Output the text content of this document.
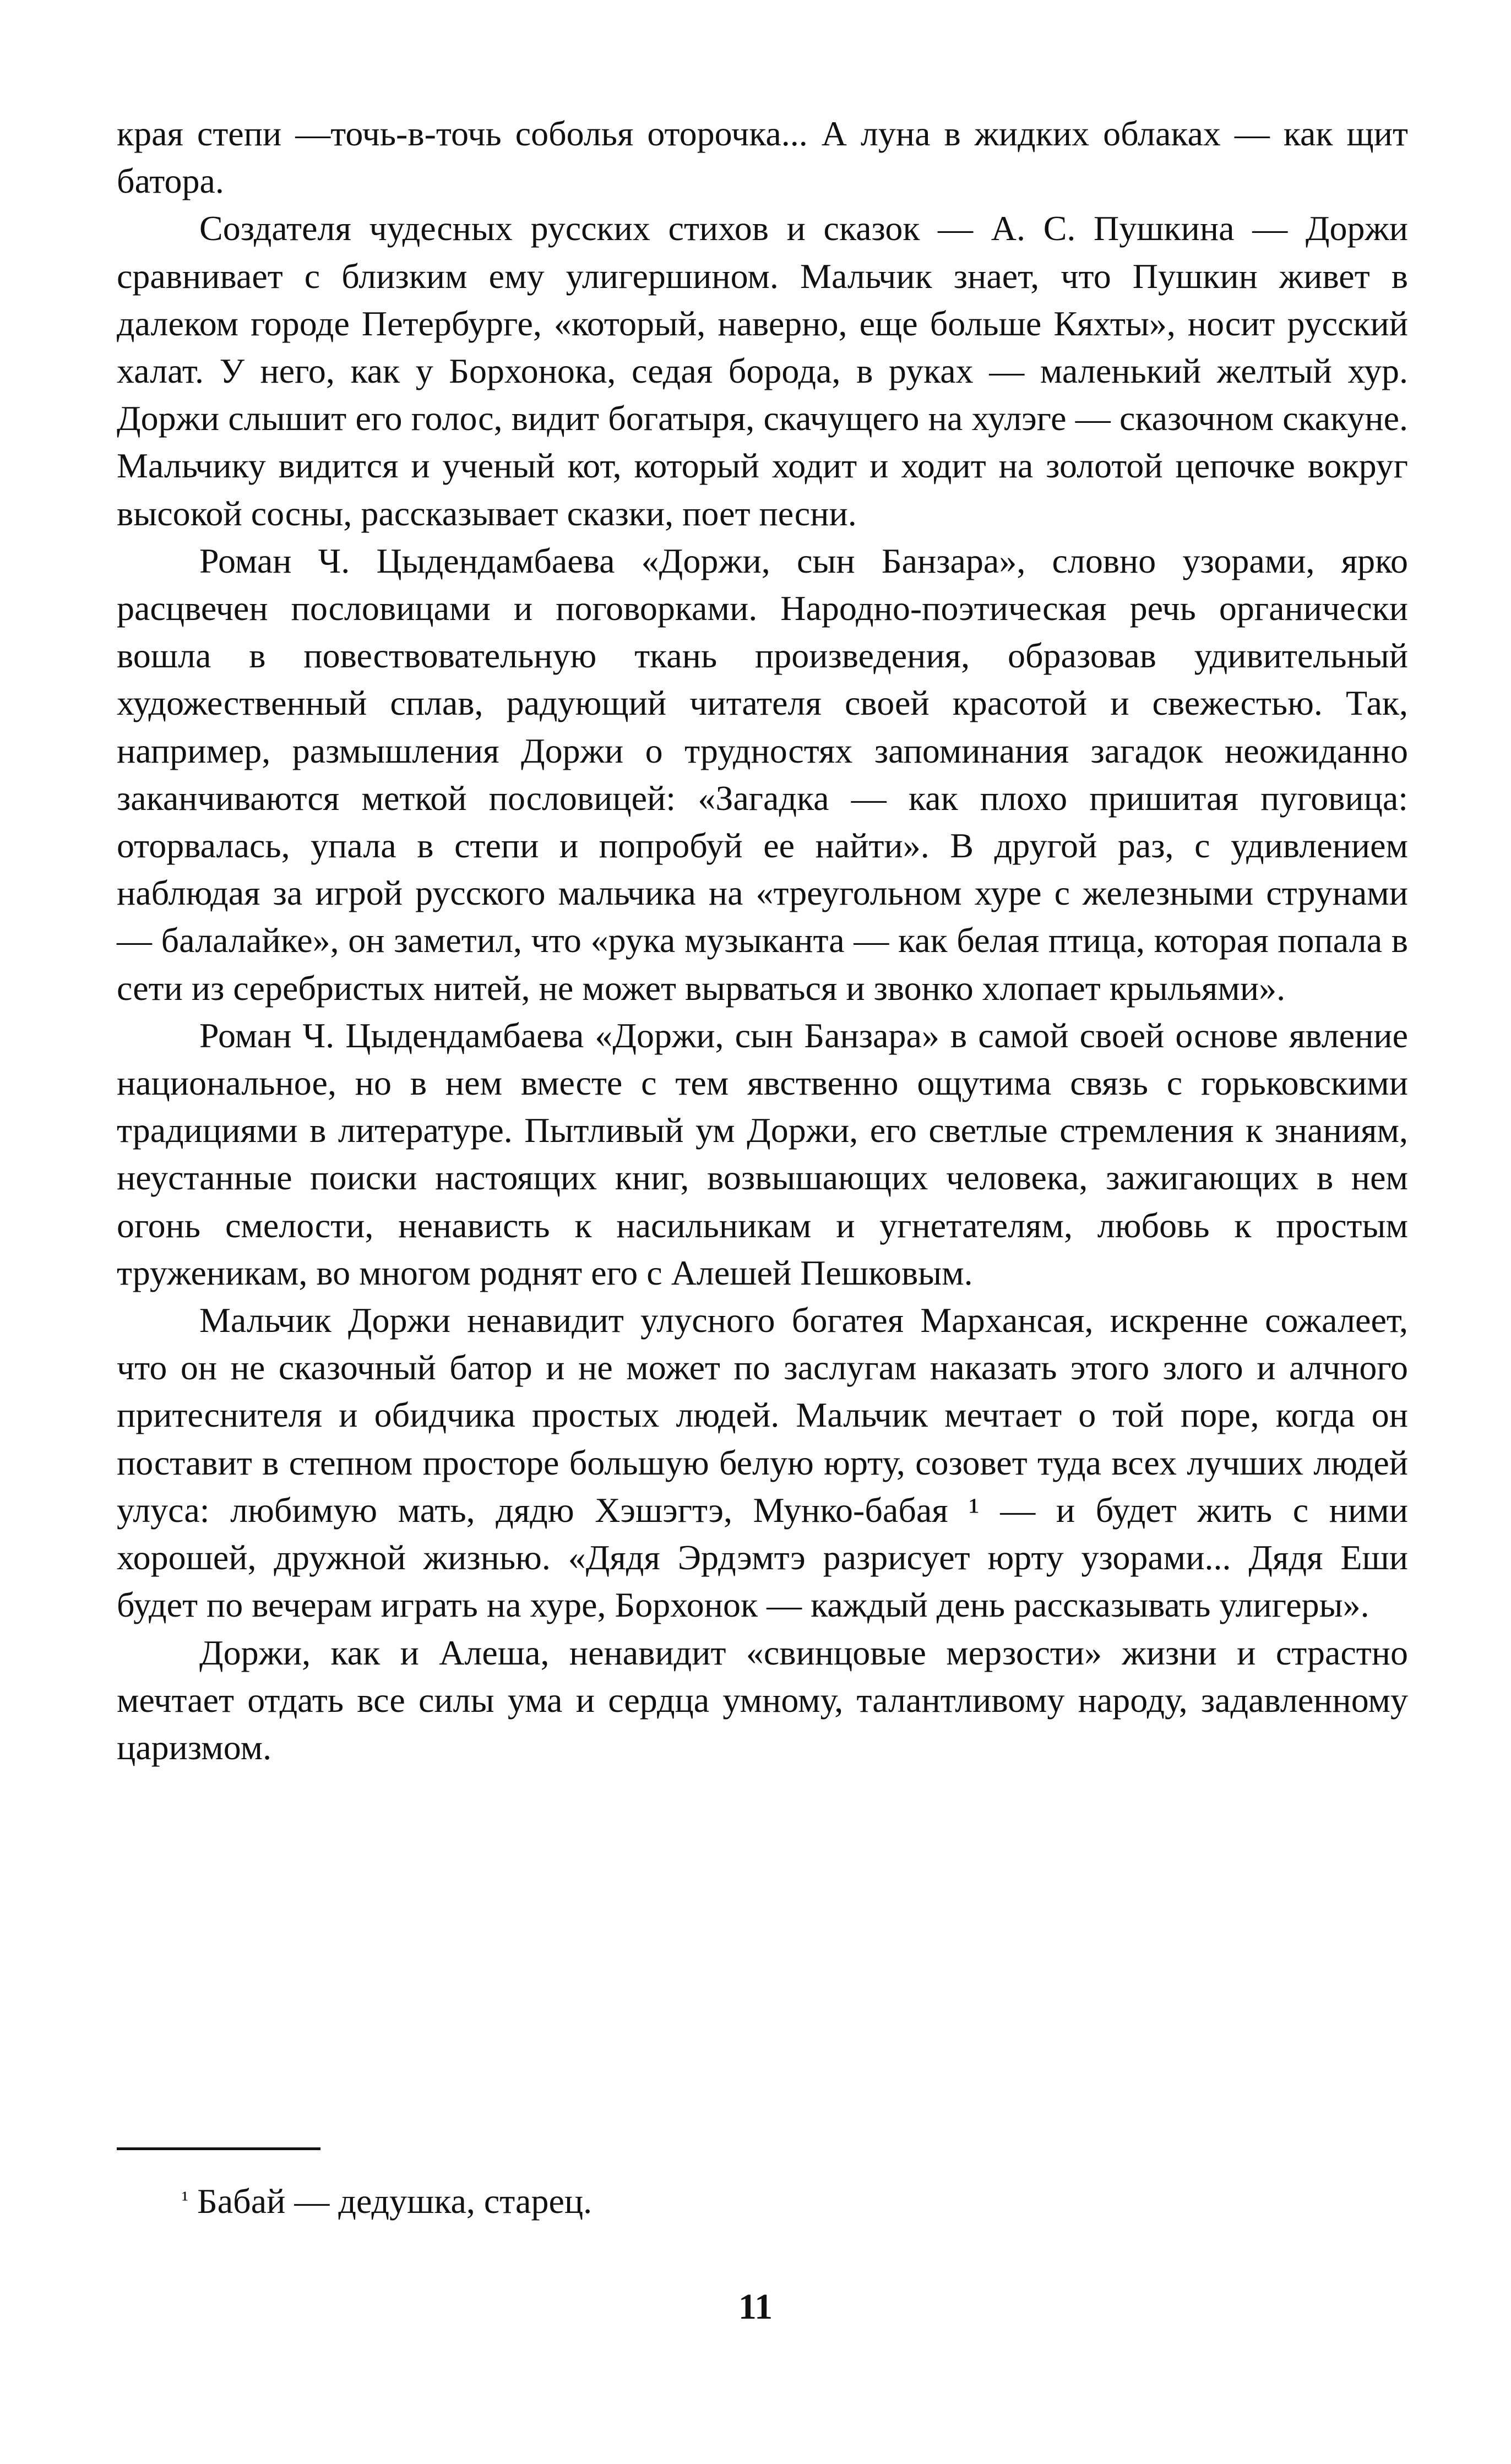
края степи —точь-в-точь соболья оторочка... А луна в жидких облаках — как щит батора.

Создателя чудесных русских стихов и сказок — А. С. Пушкина — Доржи сравнивает с близким ему улигершином. Мальчик знает, что Пушкин живет в далеком городе Петербурге, «который, наверно, еще больше Кяхты», носит русский халат. У него, как у Борхонока, седая борода, в руках — маленький желтый хур. Доржи слышит его голос, видит богатыря, скачущего на хулэге — сказочном скакуне. Мальчику видится и ученый кот, который ходит и ходит на золотой цепочке вокруг высокой сосны, рассказывает сказки, поет песни.

Роман Ч. Цыдендамбаева «Доржи, сын Банзара», словно узорами, ярко расцвечен пословицами и поговорками. Народно-поэтическая речь органически вошла в повествовательную ткань произведения, образовав удивительный художественный сплав, радующий читателя своей красотой и свежестью. Так, например, размышления Доржи о трудностях запоминания загадок неожиданно заканчиваются меткой пословицей: «Загадка — как плохо пришитая пуговица: оторвалась, упала в степи и попробуй ее найти». В другой раз, с удивлением наблюдая за игрой русского мальчика на «треугольном хуре с железными струнами — балалайке», он заметил, что «рука музыканта — как белая птица, которая попала в сети из серебристых нитей, не может вырваться и звонко хлопает крыльями».

Роман Ч. Цыдендамбаева «Доржи, сын Банзара» в самой своей основе явление национальное, но в нем вместе с тем явственно ощутима связь с горьковскими традициями в литературе. Пытливый ум Доржи, его светлые стремления к знаниям, неустанные поиски настоящих книг, возвышающих человека, зажигающих в нем огонь смелости, ненависть к насильникам и угнетателям, любовь к простым труженикам, во многом роднят его с Алешей Пешковым.

Мальчик Доржи ненавидит улусного богатея Мархансая, искренне сожалеет, что он не сказочный батор и не может по заслугам наказать этого злого и алчного притеснителя и обидчика простых людей. Мальчик мечтает о той поре, когда он поставит в степном просторе большую белую юрту, созовет туда всех лучших людей улуса: любимую мать, дядю Хэшэгтэ, Мунко-бабая ¹ — и будет жить с ними хорошей, дружной жизнью. «Дядя Эрдэмтэ разрисует юрту узорами... Дядя Еши будет по вечерам играть на хуре, Борхонок — каждый день рассказывать улигеры».

Доржи, как и Алеша, ненавидит «свинцовые мерзости» жизни и страстно мечтает отдать все силы ума и сердца умному, талантливому народу, задавленному царизмом.

$^{^1}$ Бабай — дедушка, старец.
11
